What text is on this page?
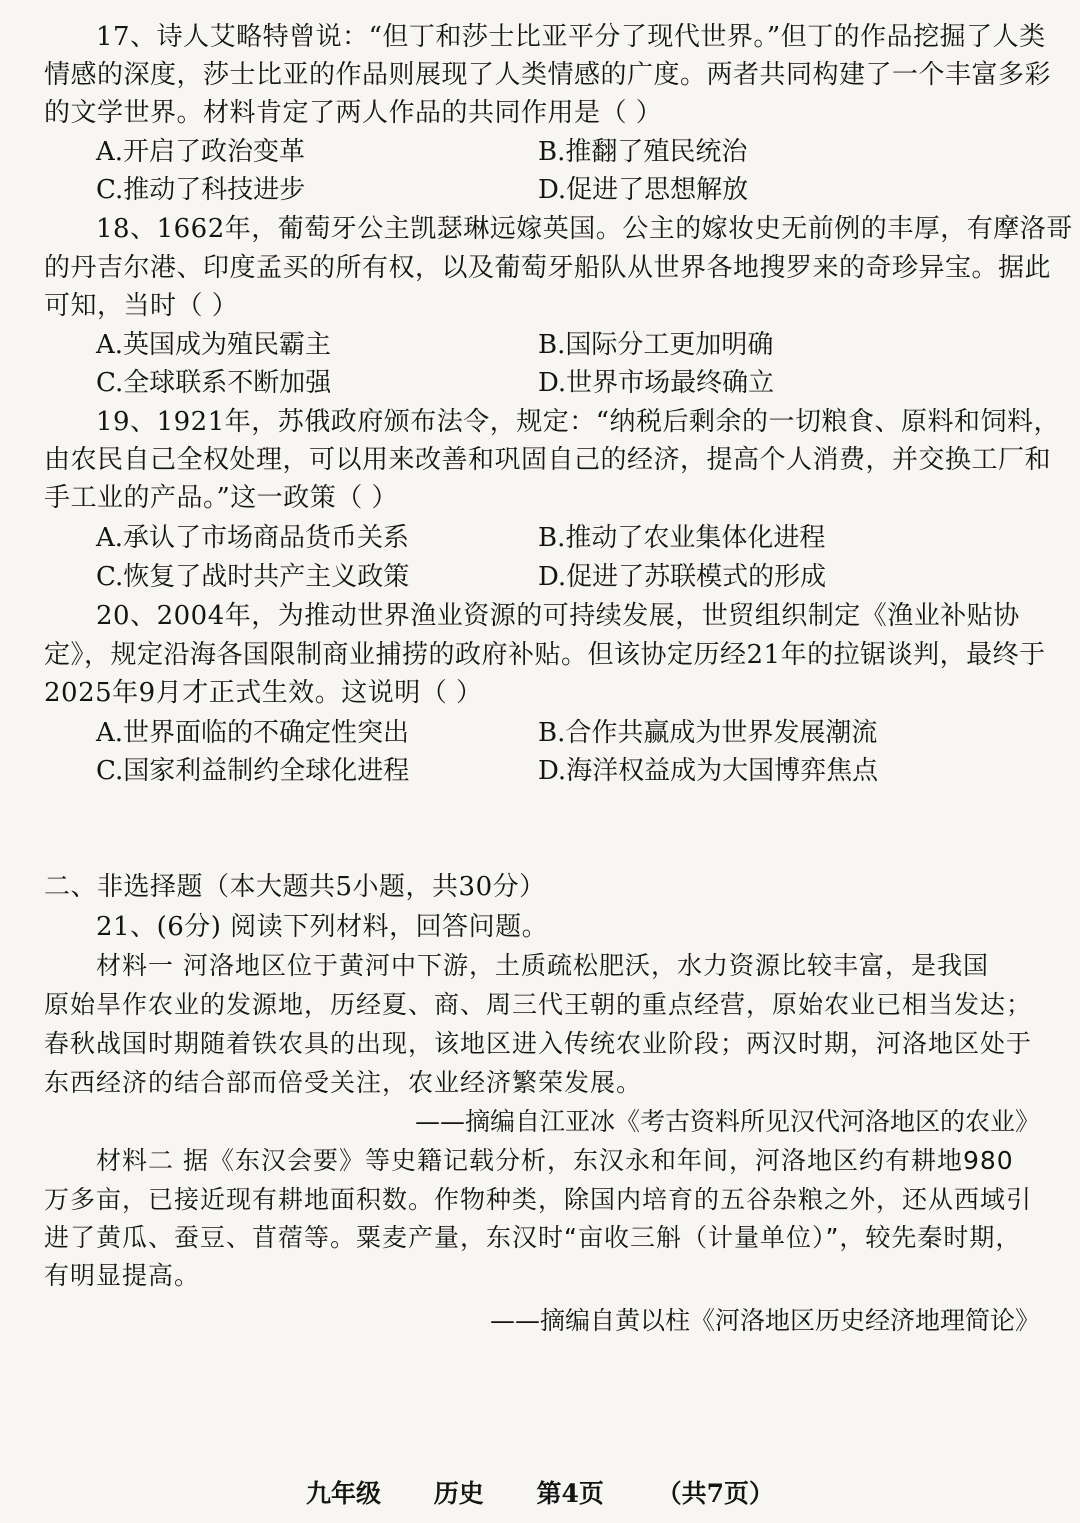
17、诗人艾略特曾说：“但丁和莎士比亚平分了现代世界。”但丁的作品挖掘了人类
情感的深度，莎士比亚的作品则展现了人类情感的广度。两者共同构建了一个丰富多彩
的文学世界。材料肯定了两人作品的共同作用是（ ）
A.开启了政治变革	B.推翻了殖民统治
C.推动了科技进步	D.促进了思想解放
18、1662年，葡萄牙公主凯瑟琳远嫁英国。公主的嫁妆史无前例的丰厚，有摩洛哥
的丹吉尔港、印度孟买的所有权，以及葡萄牙船队从世界各地搜罗来的奇珍异宝。据此
可知，当时（ ）
A.英国成为殖民霸主	B.国际分工更加明确
C.全球联系不断加强	D.世界市场最终确立
19、1921年，苏俄政府颁布法令，规定：“纳税后剩余的一切粮食、原料和饲料，
由农民自己全权处理，可以用来改善和巩固自己的经济，提高个人消费，并交换工厂和
手工业的产品。”这一政策（ ）
A.承认了市场商品货币关系	B.推动了农业集体化进程
C.恢复了战时共产主义政策	D.促进了苏联模式的形成
20、2004年，为推动世界渔业资源的可持续发展，世贸组织制定《渔业补贴协
定》，规定沿海各国限制商业捕捞的政府补贴。但该协定历经21年的拉锯谈判，最终于
2025年9月才正式生效。这说明（ ）
A.世界面临的不确定性突出	B.合作共赢成为世界发展潮流
C.国家利益制约全球化进程	D.海洋权益成为大国博弈焦点
二、非选择题（本大题共5小题，共30分）
21、(6分) 阅读下列材料，回答问题。
材料一 河洛地区位于黄河中下游，土质疏松肥沃，水力资源比较丰富，是我国
原始旱作农业的发源地，历经夏、商、周三代王朝的重点经营，原始农业已相当发达；
春秋战国时期随着铁农具的出现，该地区进入传统农业阶段；两汉时期，河洛地区处于
东西经济的结合部而倍受关注，农业经济繁荣发展。
——摘编自江亚冰《考古资料所见汉代河洛地区的农业》
材料二 据《东汉会要》等史籍记载分析，东汉永和年间，河洛地区约有耕地980
万多亩，已接近现有耕地面积数。作物种类，除国内培育的五谷杂粮之外，还从西域引
进了黄瓜、蚕豆、苜蓿等。粟麦产量，东汉时“亩收三斛（计量单位）”，较先秦时期，
有明显提高。
——摘编自黄以柱《河洛地区历史经济地理简论》
九年级 历史 第4页 （共7页）
